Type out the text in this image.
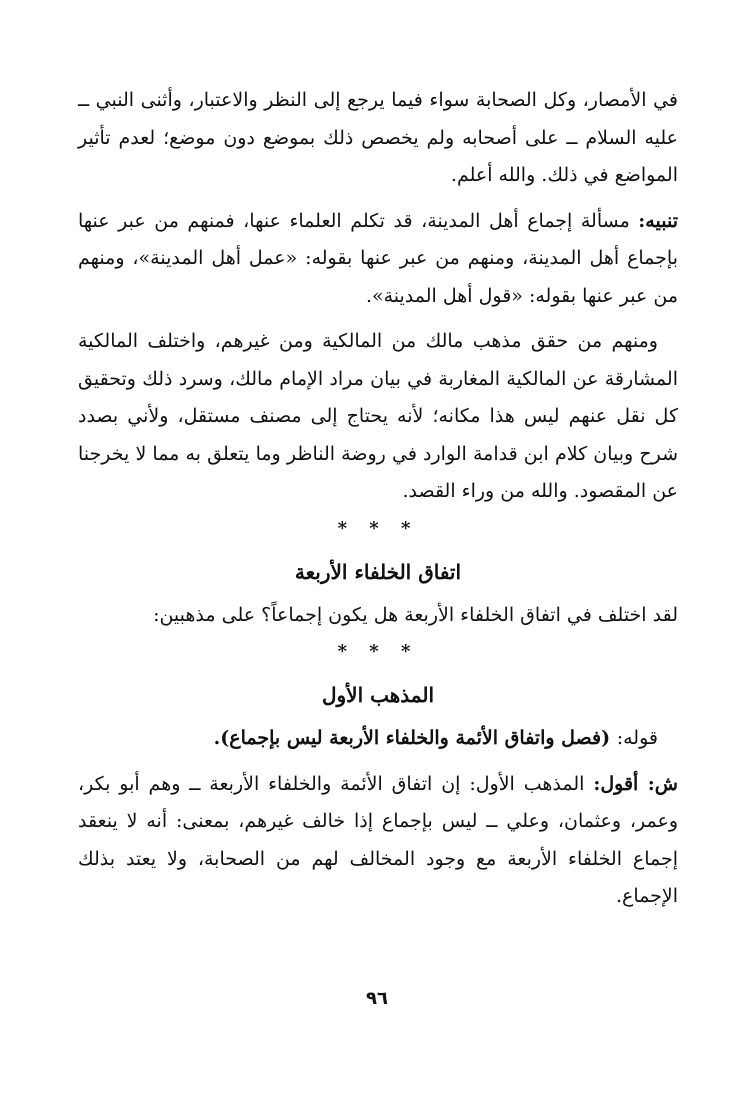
في الأمصار، وكل الصحابة سواء فيما يرجع إلى النظر والاعتبار، وأثنى النبي ــ عليه السلام ــ على أصحابه ولم يخصص ذلك بموضع دون موضع؛ لعدم تأثير المواضع في ذلك. والله أعلم.

تنبيه: مسألة إجماع أهل المدينة، قد تكلم العلماء عنها، فمنهم من عبر عنها بإجماع أهل المدينة، ومنهم من عبر عنها بقوله: «عمل أهل المدينة»، ومنهم من عبر عنها بقوله: «قول أهل المدينة».

ومنهم من حقق مذهب مالك من المالكية ومن غيرهم، واختلف المالكية المشارقة عن المالكية المغاربة في بيان مراد الإمام مالك، وسرد ذلك وتحقيق كل نقل عنهم ليس هذا مكانه؛ لأنه يحتاج إلى مصنف مستقل، ولأني بصدد شرح وبيان كلام ابن قدامة الوارد في روضة الناظر وما يتعلق به مما لا يخرجنا عن المقصود. والله من وراء القصد.

* * *
اتفاق الخلفاء الأربعة

لقد اختلف في اتفاق الخلفاء الأربعة هل يكون إجماعاً؟ على مذهبين:

* * *
المذهب الأول

قوله: (فصل واتفاق الأئمة والخلفاء الأربعة ليس بإجماع).

ش: أقول: المذهب الأول: إن اتفاق الأئمة والخلفاء الأربعة ــ وهم أبو بكر، وعمر، وعثمان، وعلي ــ ليس بإجماع إذا خالف غيرهم، بمعنى: أنه لا ينعقد إجماع الخلفاء الأربعة مع وجود المخالف لهم من الصحابة، ولا يعتد بذلك الإجماع.

٩٦
